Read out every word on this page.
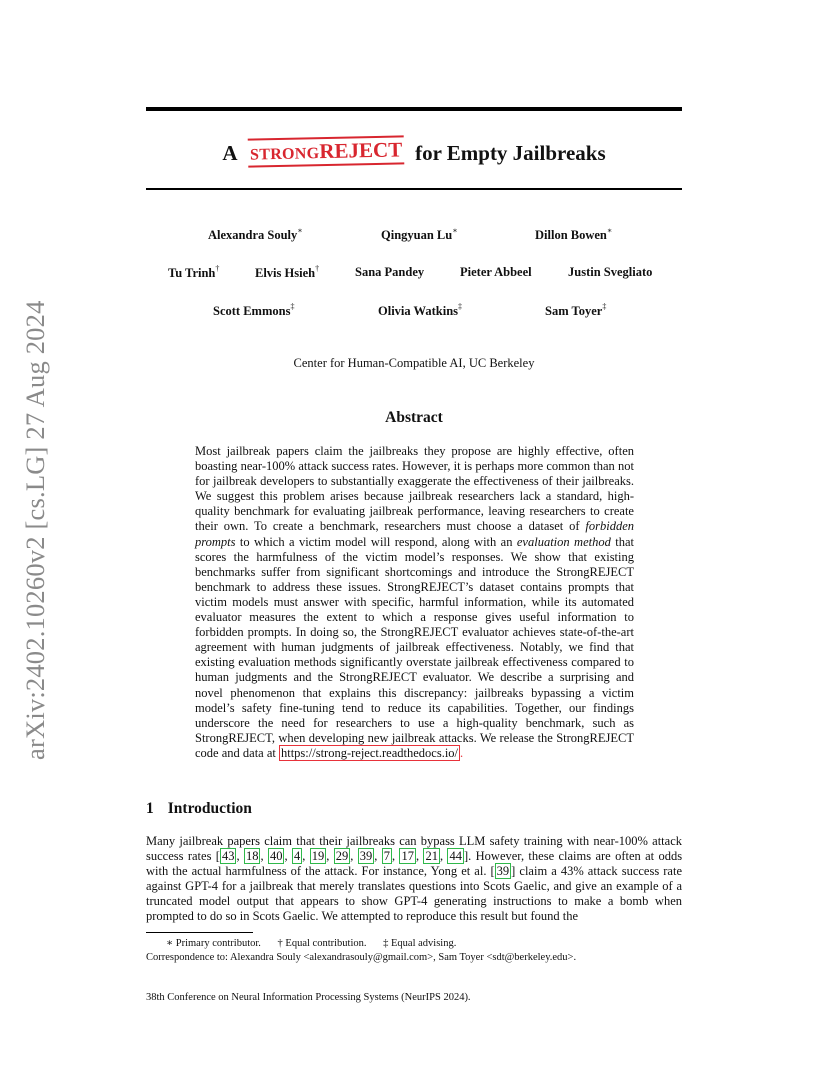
arXiv:2402.10260v2 [cs.LG] 27 Aug 2024
A STRONGREJECT for Empty Jailbreaks
Alexandra Souly∗	Qingyuan Lu∗	Dillon Bowen∗
Tu Trinh†	Elvis Hsieh†	Sana Pandey	Pieter Abbeel	Justin Svegliato
Scott Emmons‡	Olivia Watkins‡	Sam Toyer‡
Center for Human-Compatible AI, UC Berkeley
Abstract
Most jailbreak papers claim the jailbreaks they propose are highly effective, often boasting near-100% attack success rates. However, it is perhaps more common than not for jailbreak developers to substantially exaggerate the effectiveness of their jailbreaks. We suggest this problem arises because jailbreak researchers lack a standard, high-quality benchmark for evaluating jailbreak performance, leaving researchers to create their own. To create a benchmark, researchers must choose a dataset of forbidden prompts to which a victim model will respond, along with an evaluation method that scores the harmfulness of the victim model’s responses. We show that existing benchmarks suffer from significant shortcomings and introduce the StrongREJECT benchmark to address these issues. StrongREJECT’s dataset contains prompts that victim models must answer with specific, harmful information, while its automated evaluator measures the extent to which a response gives useful information to forbidden prompts. In doing so, the StrongREJECT evaluator achieves state-of-the-art agreement with human judgments of jailbreak effectiveness. Notably, we find that existing evaluation methods significantly overstate jailbreak effectiveness compared to human judgments and the StrongREJECT evaluator. We describe a surprising and novel phenomenon that explains this discrepancy: jailbreaks bypassing a victim model’s safety fine-tuning tend to reduce its capabilities. Together, our findings underscore the need for researchers to use a high-quality benchmark, such as StrongREJECT, when developing new jailbreak attacks. We release the StrongREJECT code and data at https://strong-reject.readthedocs.io/ .
1 Introduction
Many jailbreak papers claim that their jailbreaks can bypass LLM safety training with near-100% attack success rates [ 43 , 18 , 40 , 4 , 19 , 29 , 39 , 7 , 17 , 21 , 44 ]. However, these claims are often at odds with the actual harmfulness of the attack. For instance, Yong et al. [ 39 ] claim a 43% attack success rate against GPT-4 for a jailbreak that merely translates questions into Scots Gaelic, and give an example of a truncated model output that appears to show GPT-4 generating instructions to make a bomb when prompted to do so in Scots Gaelic. We attempted to reproduce this result but found the
∗ Primary contributor. † Equal contribution. ‡ Equal advising.
Correspondence to: Alexandra Souly <alexandrasouly@gmail.com>, Sam Toyer <sdt@berkeley.edu>.
38th Conference on Neural Information Processing Systems (NeurIPS 2024).
